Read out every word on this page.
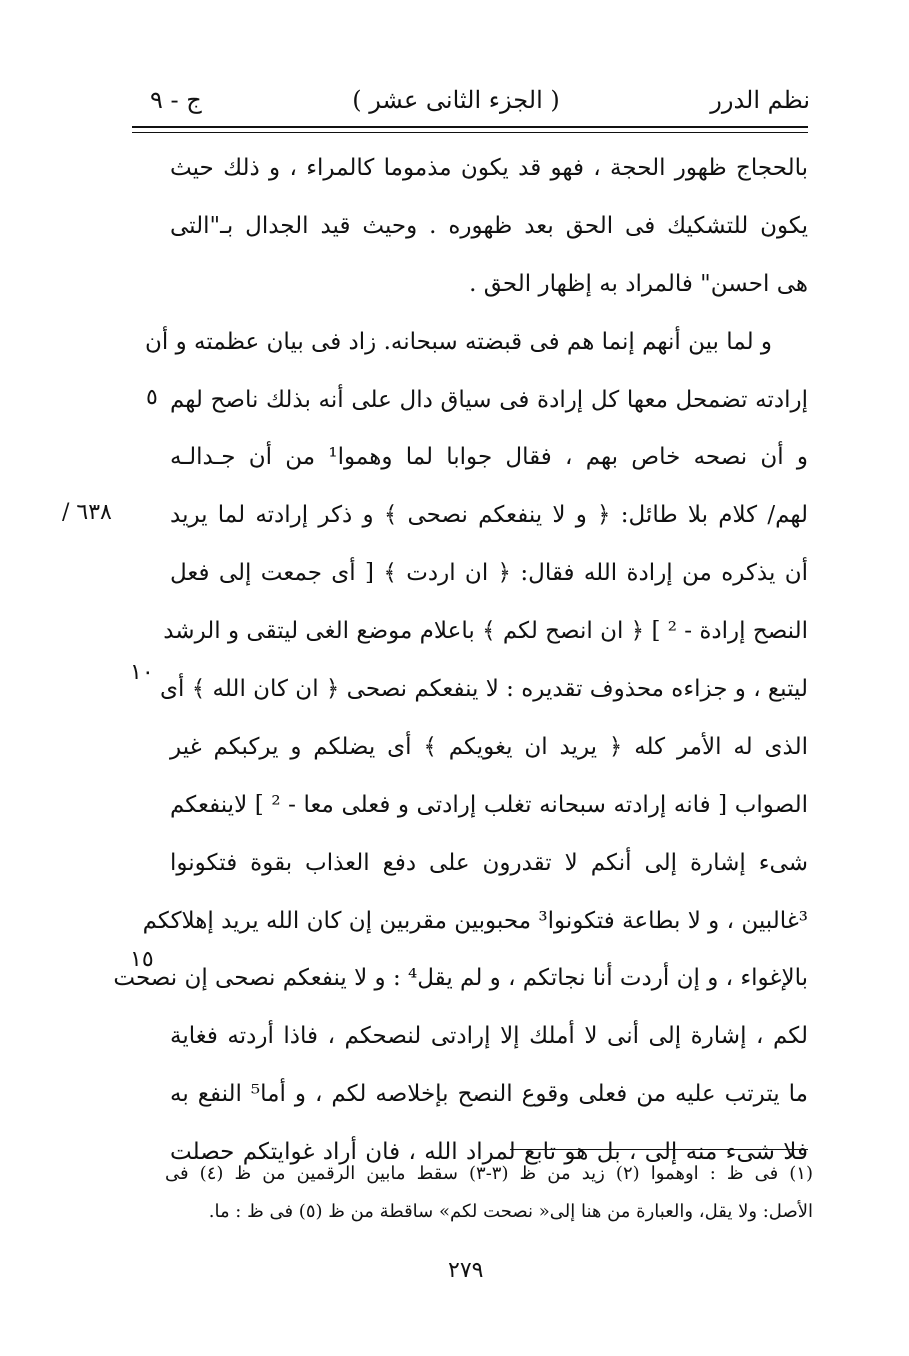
نظم الدرر
( الجزء الثانی عشر )
ج - ٩
بالحجاج ظهور الحجة ، فهو قد يكون مذموما كالمراء ، و ذلك حيث
يكون للتشكيك فى الحق بعد ظهوره . وحيث قيد الجدال بـ"التى
هى احسن" فالمراد به إظهار الحق .
و لما بين أنهم إنما هم فى قبضته سبحانه. زاد فى بيان عظمته و أن
إرادته تضمحل معها كل إرادة فى سياق دال على أنه بذلك ناصح لهم
و أن نصحه خاص بهم ، فقال جوابا لما وهموا¹ من أن جـدالـه
لهم/ كلام بلا طائل: ﴿ و لا ينفعكم نصحى ﴾ و ذكر إرادته لما يريد
أن يذكره من إرادة الله فقال: ﴿ ان اردت ﴾ [ أى جمعت إلى فعل
النصح إرادة - ² ] ﴿ ان انصح لكم ﴾ باعلام موضع الغى ليتقى و الرشد
ليتبع ، و جزاءه محذوف تقديره : لا ينفعكم نصحى ﴿ ان كان الله ﴾ أى
الذى له الأمر كله ﴿ يريد ان يغويكم ﴾ أى يضلكم و يركبكم غير
الصواب [ فانه إرادته سبحانه تغلب إرادتى و فعلى معا - ² ] لاينفعكم
شىء إشارة إلى أنكم لا تقدرون على دفع العذاب بقوة فتكونوا
³غالبين ، و لا بطاعة فتكونوا³ محبوبين مقربين إن كان الله يريد إهلاككم
بالإغواء ، و إن أردت أنا نجاتكم ، و لم يقل⁴ : و لا ينفعكم نصحى إن نصحت
لكم ، إشارة إلى أنى لا أملك إلا إرادتى لنصحكم ، فاذا أردته فغاية
ما يترتب عليه من فعلى وقوع النصح بإخلاصه لكم ، و أما⁵ النفع به
فلا شىء منه إلى ، بل هو تابع لمراد الله ، فان أراد غوايتكم حصلت
٥
/ ٦٣٨
١٠
١٥
(١) فى ظ : اوهموا (٢) زيد من ظ (٣-٣) سقط مابين الرقمين من ظ (٤) فى
الأصل: ولا يقل، والعبارة من هنا إلى« نصحت لكم» ساقطة من ظ (٥) فى ظ : ما.
٢٧٩
